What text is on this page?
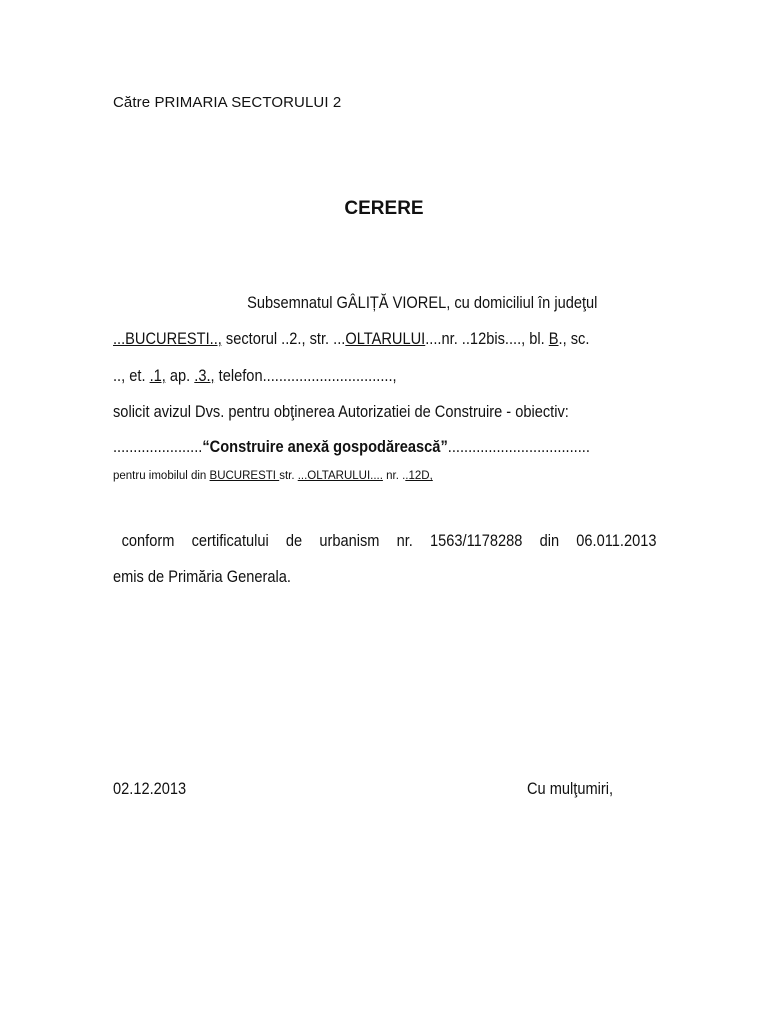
Către PRIMARIA SECTORULUI 2
CERERE
Subsemnatul GÂLIȚĂ VIOREL, cu domiciliul în judeţul
...BUCURESTI.., sectorul ..2., str. ...OLTARULUI....nr. ..12bis...., bl. B., sc.
.., et. .1, ap. .3., telefon................................,
solicit avizul Dvs. pentru obţinerea Autorizatiei de Construire - obiectiv:
......................“Construire anexă gospodărească”...................................
pentru imobilul din BUCURESTI str. ...OLTARULUI.... nr. ..12D,
conform certificatului de urbanism nr. 1563/1178288 din 06.011.2013
emis de Primăria Generala.
02.12.2013	Cu mulţumiri,
